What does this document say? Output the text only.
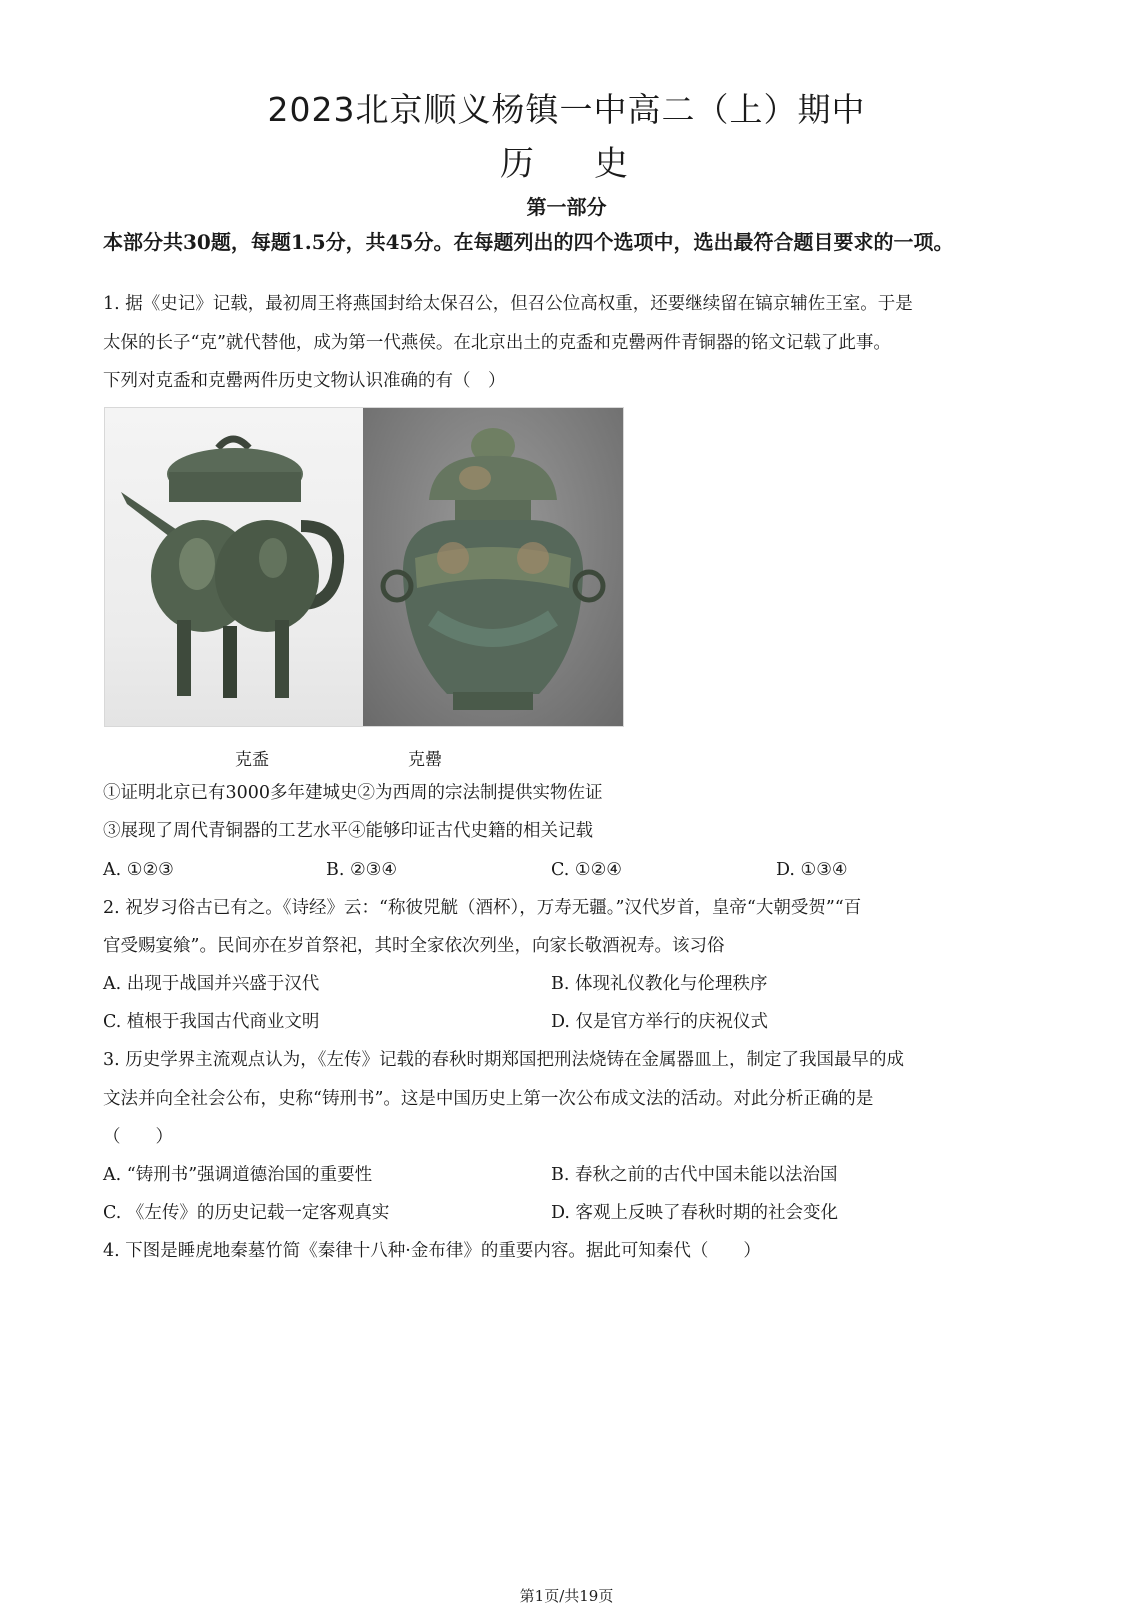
2023北京顺义杨镇一中高二（上）期中
历史
第一部分
本部分共30题，每题1.5分，共45分。在每题列出的四个选项中，选出最符合题目要求的一项。
1. 据《史记》记载，最初周王将燕国封给太保召公，但召公位高权重，还要继续留在镐京辅佐王室。于是
太保的长子“克”就代替他，成为第一代燕侯。在北京出土的克盉和克罍两件青铜器的铭文记载了此事。
下列对克盉和克罍两件历史文物认识准确的有（　）
克盉	克罍
①证明北京已有3000多年建城史②为西周的宗法制提供实物佐证
③展现了周代青铜器的工艺水平④能够印证古代史籍的相关记载
A. ①②③	B. ②③④	C. ①②④	D. ①③④
2. 祝岁习俗古已有之。《诗经》云：“称彼兕觥（酒杯），万寿无疆。”汉代岁首，皇帝“大朝受贺”“百
官受赐宴飨”。民间亦在岁首祭祀，其时全家依次列坐，向家长敬酒祝寿。该习俗
A. 出现于战国并兴盛于汉代	B. 体现礼仪教化与伦理秩序
C. 植根于我国古代商业文明	D. 仅是官方举行的庆祝仪式
3. 历史学界主流观点认为，《左传》记载的春秋时期郑国把刑法烧铸在金属器皿上，制定了我国最早的成
文法并向全社会公布，史称“铸刑书”。这是中国历史上第一次公布成文法的活动。对此分析正确的是
（　　）
A. “铸刑书”强调道德治国的重要性	B. 春秋之前的古代中国未能以法治国
C. 《左传》的历史记载一定客观真实	D. 客观上反映了春秋时期的社会变化
4. 下图是睡虎地秦墓竹简《秦律十八种·金布律》的重要内容。据此可知秦代（　　）
第1页/共19页
